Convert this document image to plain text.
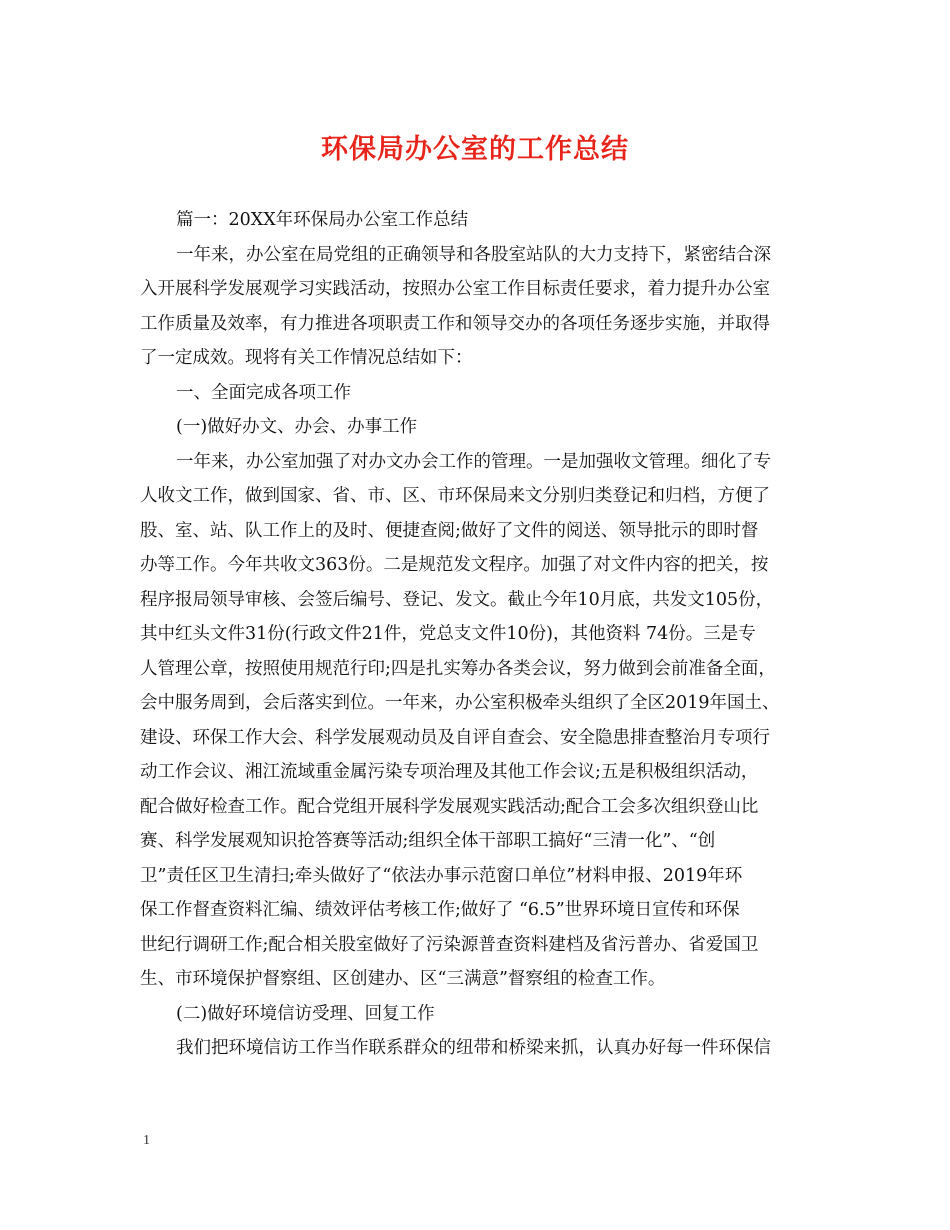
环保局办公室的工作总结
篇一：20XX年环保局办公室工作总结
一年来，办公室在局党组的正确领导和各股室站队的大力支持下，紧密结合深
入开展科学发展观学习实践活动，按照办公室工作目标责任要求，着力提升办公室
工作质量及效率，有力推进各项职责工作和领导交办的各项任务逐步实施，并取得
了一定成效。现将有关工作情况总结如下：
一、全面完成各项工作
(一)做好办文、办会、办事工作
一年来，办公室加强了对办文办会工作的管理。一是加强收文管理。细化了专
人收文工作，做到国家、省、市、区、市环保局来文分别归类登记和归档，方便了
股、室、站、队工作上的及时、便捷查阅;做好了文件的阅送、领导批示的即时督
办等工作。今年共收文363份。二是规范发文程序。加强了对文件内容的把关，按
程序报局领导审核、会签后编号、登记、发文。截止今年10月底，共发文105份，
其中红头文件31份(行政文件21件，党总支文件10份)，其他资料 74份。三是专
人管理公章，按照使用规范行印;四是扎实筹办各类会议，努力做到会前准备全面，
会中服务周到，会后落实到位。一年来，办公室积极牵头组织了全区2019年国土、
建设、环保工作大会、科学发展观动员及自评自查会、安全隐患排查整治月专项行
动工作会议、湘江流域重金属污染专项治理及其他工作会议;五是积极组织活动，
配合做好检查工作。配合党组开展科学发展观实践活动;配合工会多次组织登山比
赛、科学发展观知识抢答赛等活动;组织全体干部职工搞好“三清一化”、“创
卫”责任区卫生清扫;牵头做好了“依法办事示范窗口单位”材料申报、2019年环
保工作督查资料汇编、绩效评估考核工作;做好了 “6.5”世界环境日宣传和环保
世纪行调研工作;配合相关股室做好了污染源普查资料建档及省污普办、省爱国卫
生、市环境保护督察组、区创建办、区“三满意”督察组的检查工作。
(二)做好环境信访受理、回复工作
我们把环境信访工作当作联系群众的纽带和桥梁来抓，认真办好每一件环保信
1
